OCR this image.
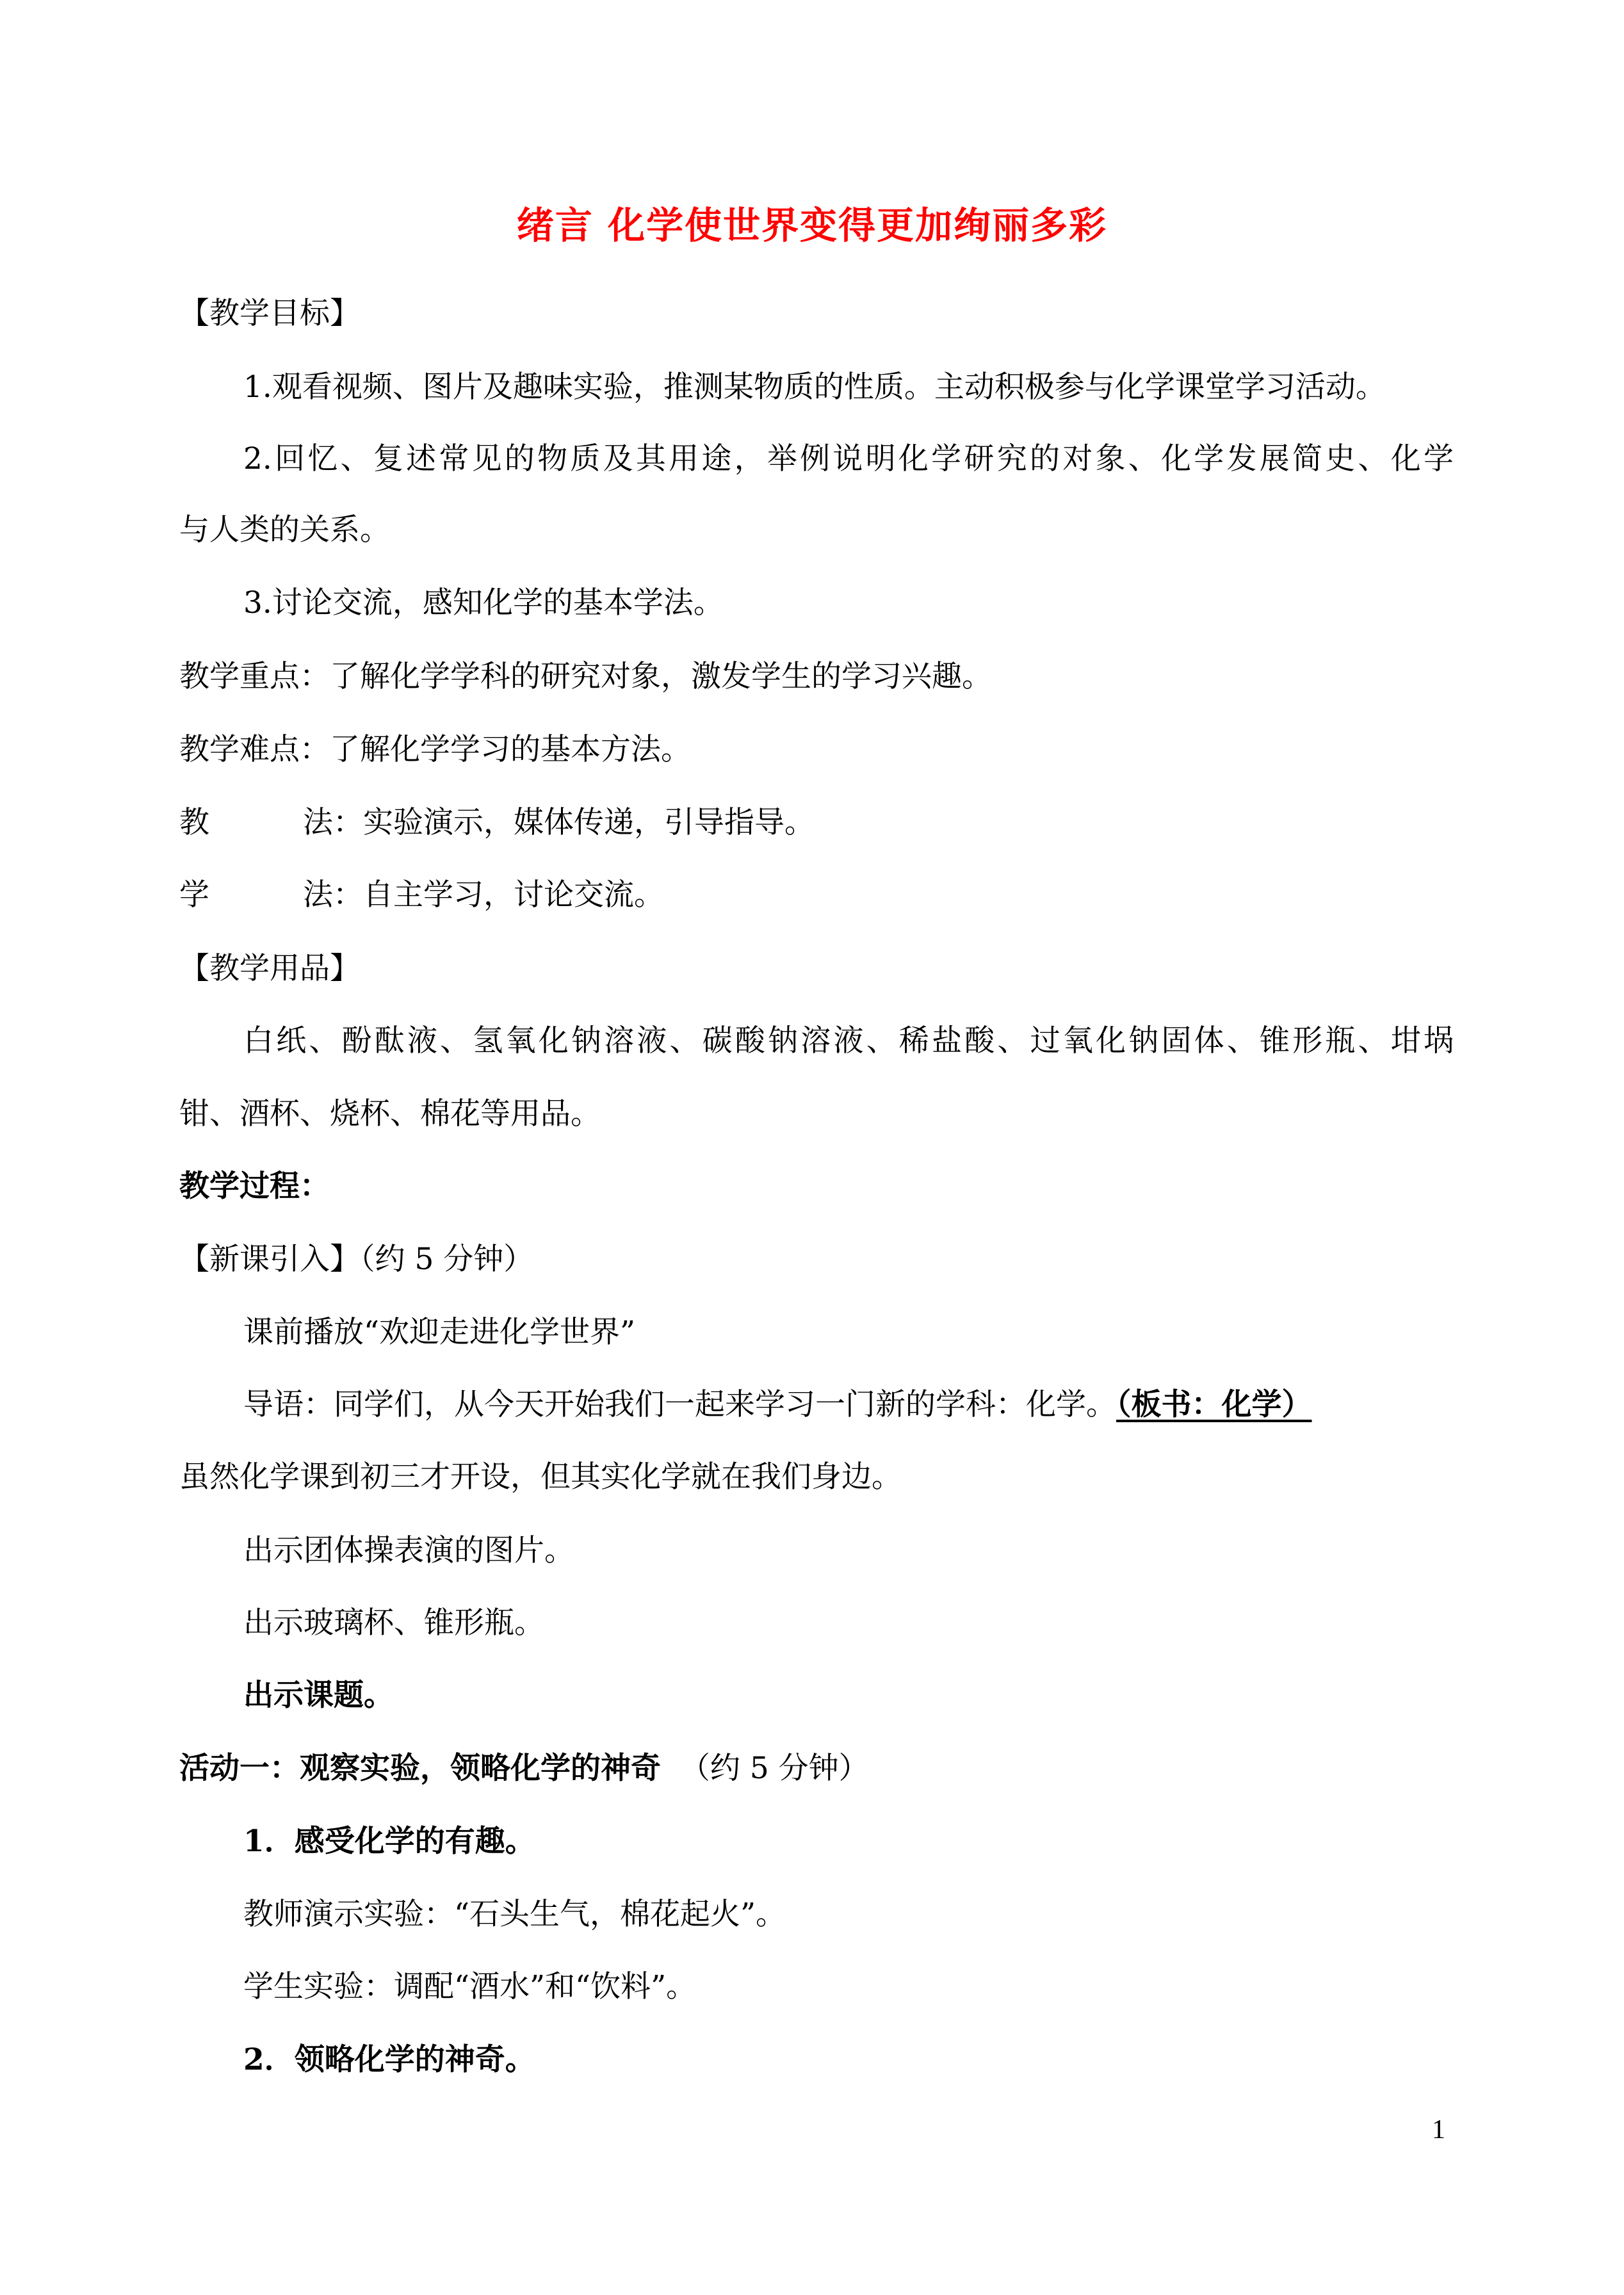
绪言 化学使世界变得更加绚丽多彩
【教学目标】
1.观看视频、图片及趣味实验，推测某物质的性质。主动积极参与化学课堂学习活动。
2.回忆、复述常见的物质及其用途，举例说明化学研究的对象、化学发展简史、化学
与人类的关系。
3.讨论交流，感知化学的基本学法。
教学重点：了解化学学科的研究对象，激发学生的学习兴趣。
教学难点：了解化学学习的基本方法。
教 法：实验演示，媒体传递，引导指导。
学 法：自主学习，讨论交流。
【教学用品】
白纸、酚酞液、氢氧化钠溶液、碳酸钠溶液、稀盐酸、过氧化钠固体、锥形瓶、坩埚
钳、酒杯、烧杯、棉花等用品。
教学过程：
【新课引入】（约 5 分钟）
课前播放“欢迎走进化学世界”
导语：同学们，从今天开始我们一起来学习一门新的学科：化学。（板书：化学）
虽然化学课到初三才开设，但其实化学就在我们身边。
出示团体操表演的图片。
出示玻璃杯、锥形瓶。
出示课题。
活动一：观察实验，领略化学的神奇  （约 5 分钟）
1．感受化学的有趣。
教师演示实验：“石头生气，棉花起火”。
学生实验：调配“酒水”和“饮料”。
2．领略化学的神奇。
1
